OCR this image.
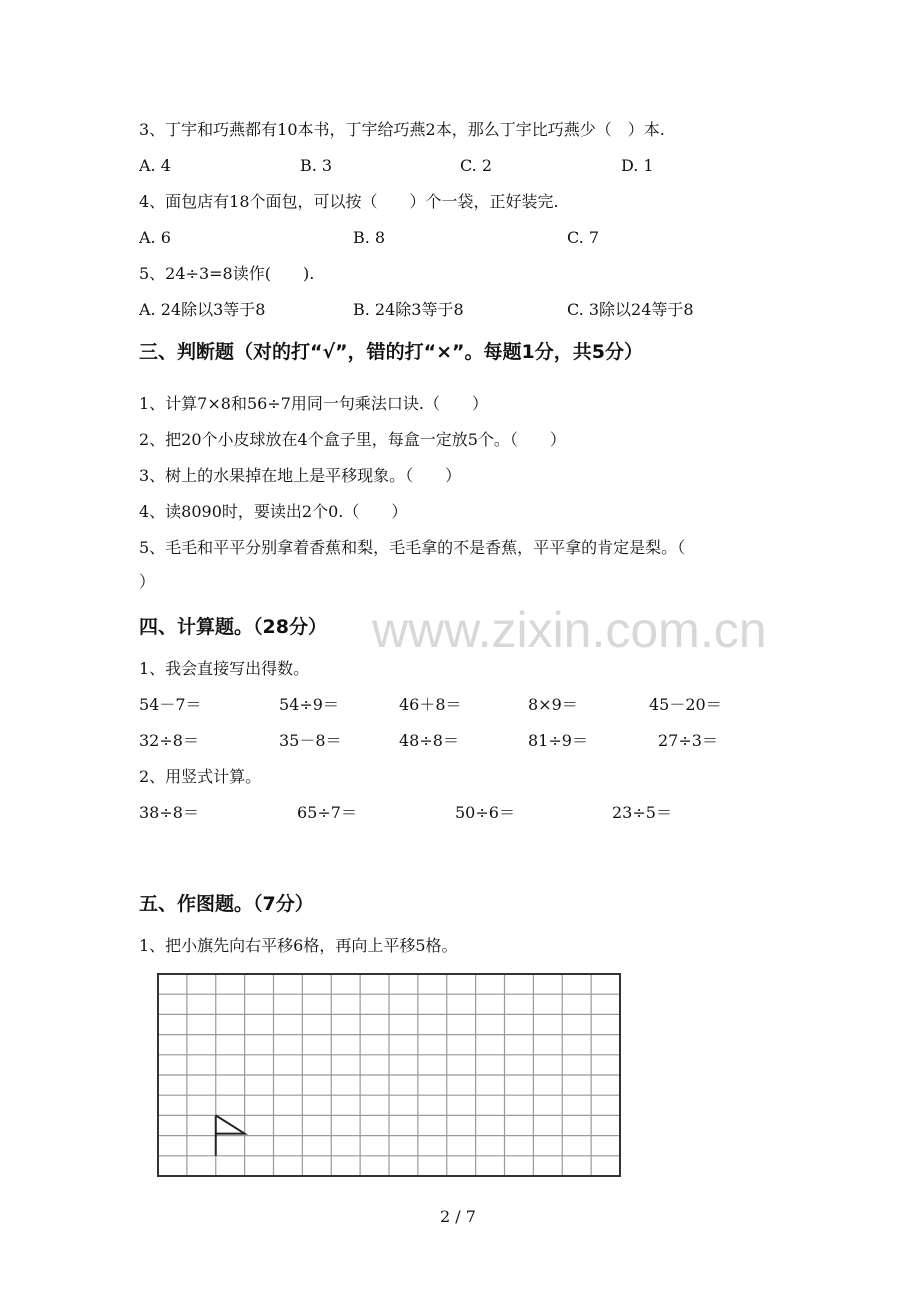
www.zixin.com.cn
3、丁宇和巧燕都有10本书，丁宇给巧燕2本，那么丁宇比巧燕少（　）本.
A. 4	B. 3	C. 2	D. 1
4、面包店有18个面包，可以按（　　）个一袋，正好装完.
A. 6	B. 8	C. 7
5、24÷3=8读作(　　).
A. 24除以3等于8	B. 24除3等于8	C. 3除以24等于8
三、判断题（对的打“√”，错的打“×”。每题1分，共5分）
1、计算7×8和56÷7用同一句乘法口诀.（　　）
2、把20个小皮球放在4个盒子里，每盒一定放5个。（　　）
3、树上的水果掉在地上是平移现象。（　　）
4、读8090时，要读出2个0.（　　）
5、毛毛和平平分别拿着香蕉和梨，毛毛拿的不是香蕉，平平拿的肯定是梨。（
）
四、计算题。（28分）
1、我会直接写出得数。
54－7＝	54÷9＝	46＋8＝	8×9＝	45－20＝
32÷8＝	35－8＝	48÷8＝	81÷9＝	27÷3＝
2、用竖式计算。
38÷8＝	65÷7＝	50÷6＝	23÷5＝
五、作图题。（7分）
1、把小旗先向右平移6格，再向上平移5格。
2 / 7
